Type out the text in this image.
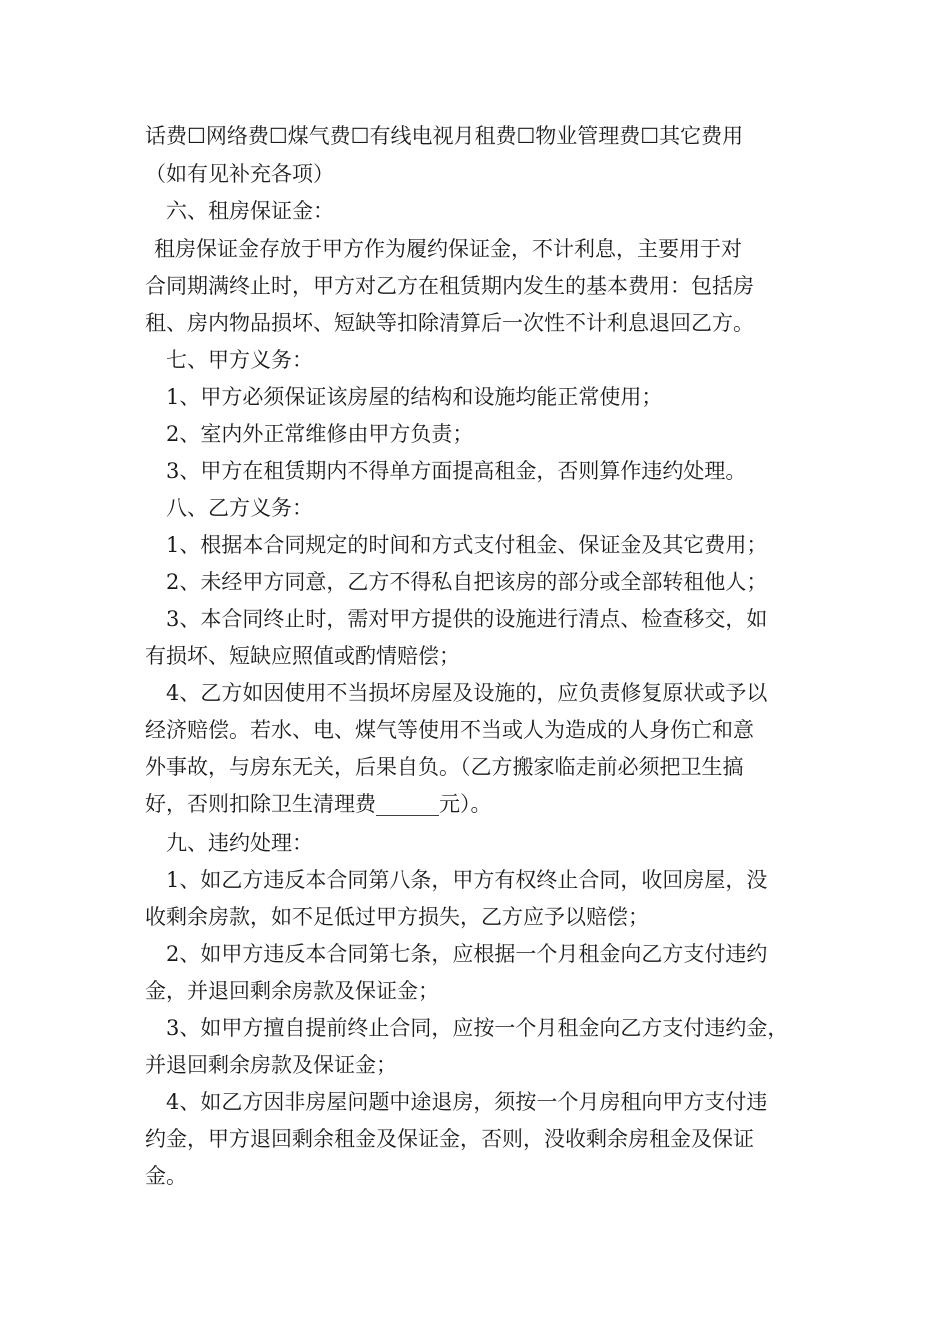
话费☐网络费☐煤气费☐有线电视月租费☐物业管理费☐其它费用
（如有见补充各项）
六、租房保证金：
租房保证金存放于甲方作为履约保证金，不计利息，主要用于对
合同期满终止时，甲方对乙方在租赁期内发生的基本费用：包括房
租、房内物品损坏、短缺等扣除清算后一次性不计利息退回乙方。
七、甲方义务：
1、甲方必须保证该房屋的结构和设施均能正常使用；
2、室内外正常维修由甲方负责；
3、甲方在租赁期内不得单方面提高租金，否则算作违约处理。
八、乙方义务：
1、根据本合同规定的时间和方式支付租金、保证金及其它费用；
2、未经甲方同意，乙方不得私自把该房的部分或全部转租他人；
3、本合同终止时，需对甲方提供的设施进行清点、检查移交，如
有损坏、短缺应照值或酌情赔偿；
4、乙方如因使用不当损坏房屋及设施的，应负责修复原状或予以
经济赔偿。若水、电、煤气等使用不当或人为造成的人身伤亡和意
外事故，与房东无关，后果自负。（乙方搬家临走前必须把卫生搞
好，否则扣除卫生清理费______元）。
九、违约处理：
1、如乙方违反本合同第八条，甲方有权终止合同，收回房屋，没
收剩余房款，如不足低过甲方损失，乙方应予以赔偿；
2、如甲方违反本合同第七条，应根据一个月租金向乙方支付违约
金，并退回剩余房款及保证金；
3、如甲方擅自提前终止合同，应按一个月租金向乙方支付违约金，
并退回剩余房款及保证金；
4、如乙方因非房屋问题中途退房，须按一个月房租向甲方支付违
约金，甲方退回剩余租金及保证金，否则，没收剩余房租金及保证
金。
